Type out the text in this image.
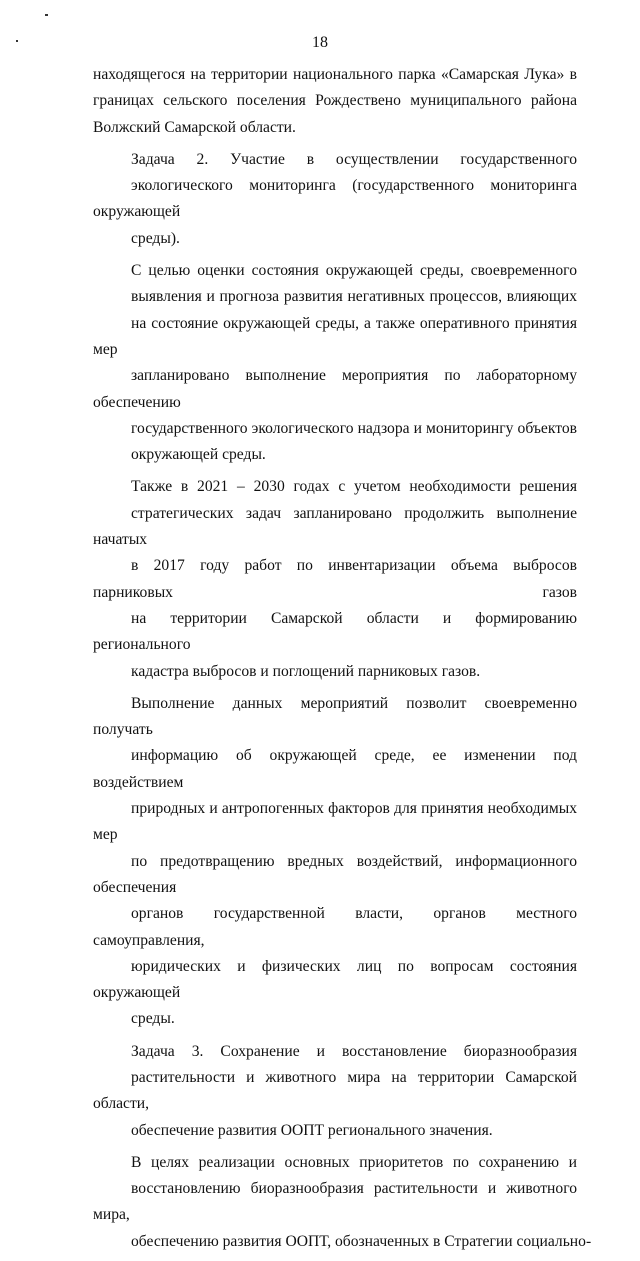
18
находящегося на территории национального парка «Самарская Лука» в
границах сельского поселения Рождествено муниципального района
Волжский Самарской области.
Задача 2. Участие в осуществлении государственного
экологического мониторинга (государственного мониторинга окружающей
среды).
С целью оценки состояния окружающей среды, своевременного
выявления и прогноза развития негативных процессов, влияющих
на состояние окружающей среды, а также оперативного принятия мер
запланировано выполнение мероприятия по лабораторному обеспечению
государственного экологического надзора и мониторингу объектов
окружающей среды.
Также в 2021 – 2030 годах с учетом необходимости решения
стратегических задач запланировано продолжить выполнение начатых
в 2017 году работ по инвентаризации объема выбросов парниковых газов
на территории Самарской области и формированию регионального
кадастра выбросов и поглощений парниковых газов.
Выполнение данных мероприятий позволит своевременно получать
информацию об окружающей среде, ее изменении под воздействием
природных и антропогенных факторов для принятия необходимых мер
по предотвращению вредных воздействий, информационного обеспечения
органов государственной власти, органов местного самоуправления,
юридических и физических лиц по вопросам состояния окружающей
среды.
Задача 3. Сохранение и восстановление биоразнообразия
растительности и животного мира на территории Самарской области,
обеспечение развития ООПТ регионального значения.
В целях реализации основных приоритетов по сохранению и
восстановлению биоразнообразия растительности и животного мира,
обеспечению развития ООПТ, обозначенных в Стратегии социально-
